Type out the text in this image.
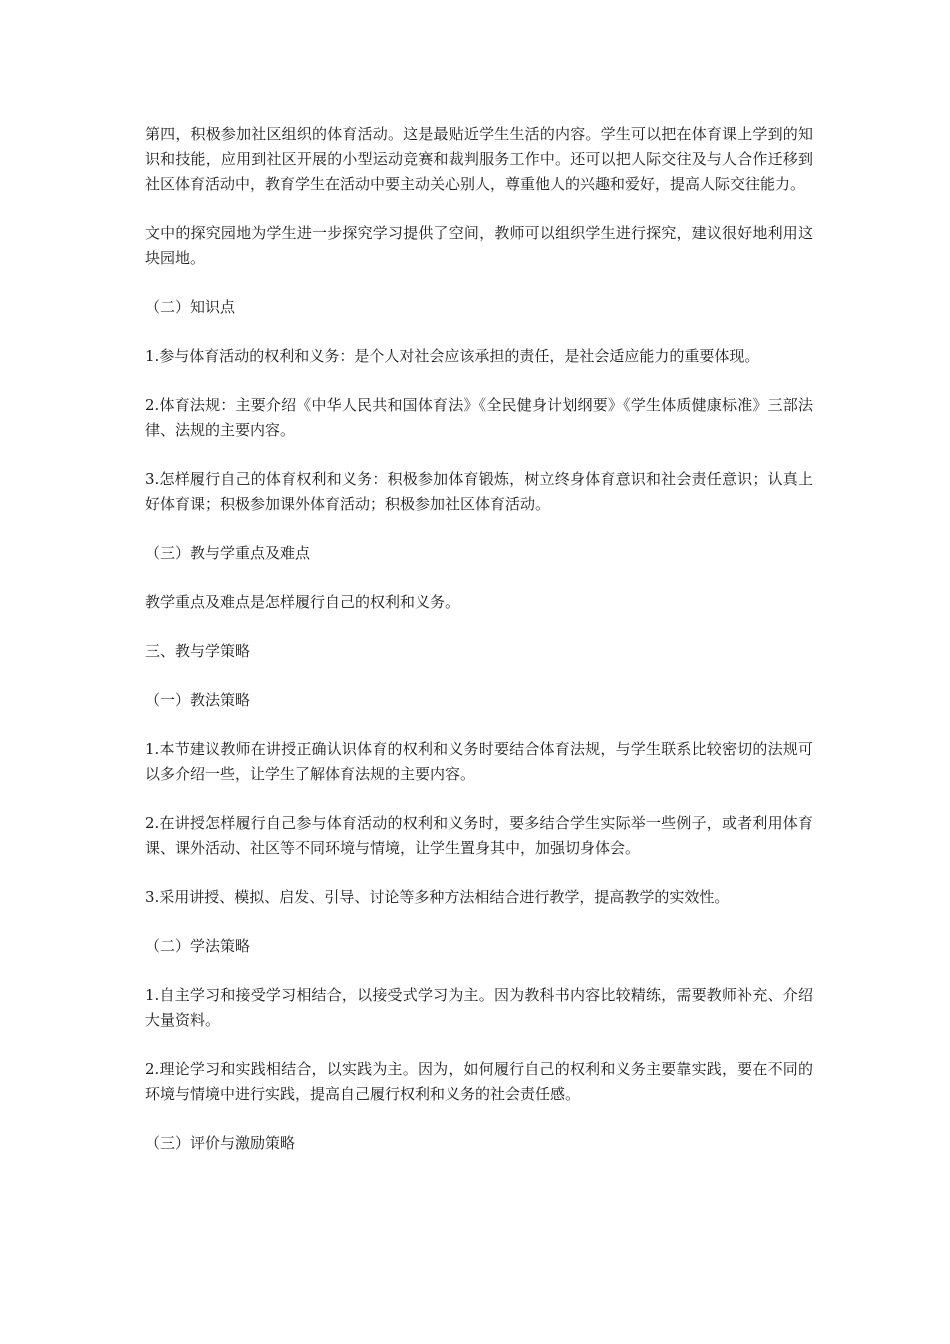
第四，积极参加社区组织的体育活动。这是最贴近学生生活的内容。学生可以把在体育课上学到的知识和技能，应用到社区开展的小型运动竞赛和裁判服务工作中。还可以把人际交往及与人合作迁移到社区体育活动中，教育学生在活动中要主动关心别人，尊重他人的兴趣和爱好，提高人际交往能力。

文中的探究园地为学生进一步探究学习提供了空间，教师可以组织学生进行探究，建议很好地利用这块园地。

（二）知识点

1.参与体育活动的权利和义务：是个人对社会应该承担的责任，是社会适应能力的重要体现。

2.体育法规：主要介绍《中华人民共和国体育法》《全民健身计划纲要》《学生体质健康标准》三部法律、法规的主要内容。

3.怎样履行自己的体育权利和义务：积极参加体育锻炼，树立终身体育意识和社会责任意识；认真上好体育课；积极参加课外体育活动；积极参加社区体育活动。

（三）教与学重点及难点

教学重点及难点是怎样履行自己的权利和义务。

三、教与学策略

（一）教法策略

1.本节建议教师在讲授正确认识体育的权利和义务时要结合体育法规，与学生联系比较密切的法规可以多介绍一些，让学生了解体育法规的主要内容。

2.在讲授怎样履行自己参与体育活动的权利和义务时，要多结合学生实际举一些例子，或者利用体育课、课外活动、社区等不同环境与情境，让学生置身其中，加强切身体会。

3.采用讲授、模拟、启发、引导、讨论等多种方法相结合进行教学，提高教学的实效性。

（二）学法策略

1.自主学习和接受学习相结合，以接受式学习为主。因为教科书内容比较精练，需要教师补充、介绍大量资料。

2.理论学习和实践相结合，以实践为主。因为，如何履行自己的权利和义务主要靠实践，要在不同的环境与情境中进行实践，提高自己履行权利和义务的社会责任感。

（三）评价与激励策略
